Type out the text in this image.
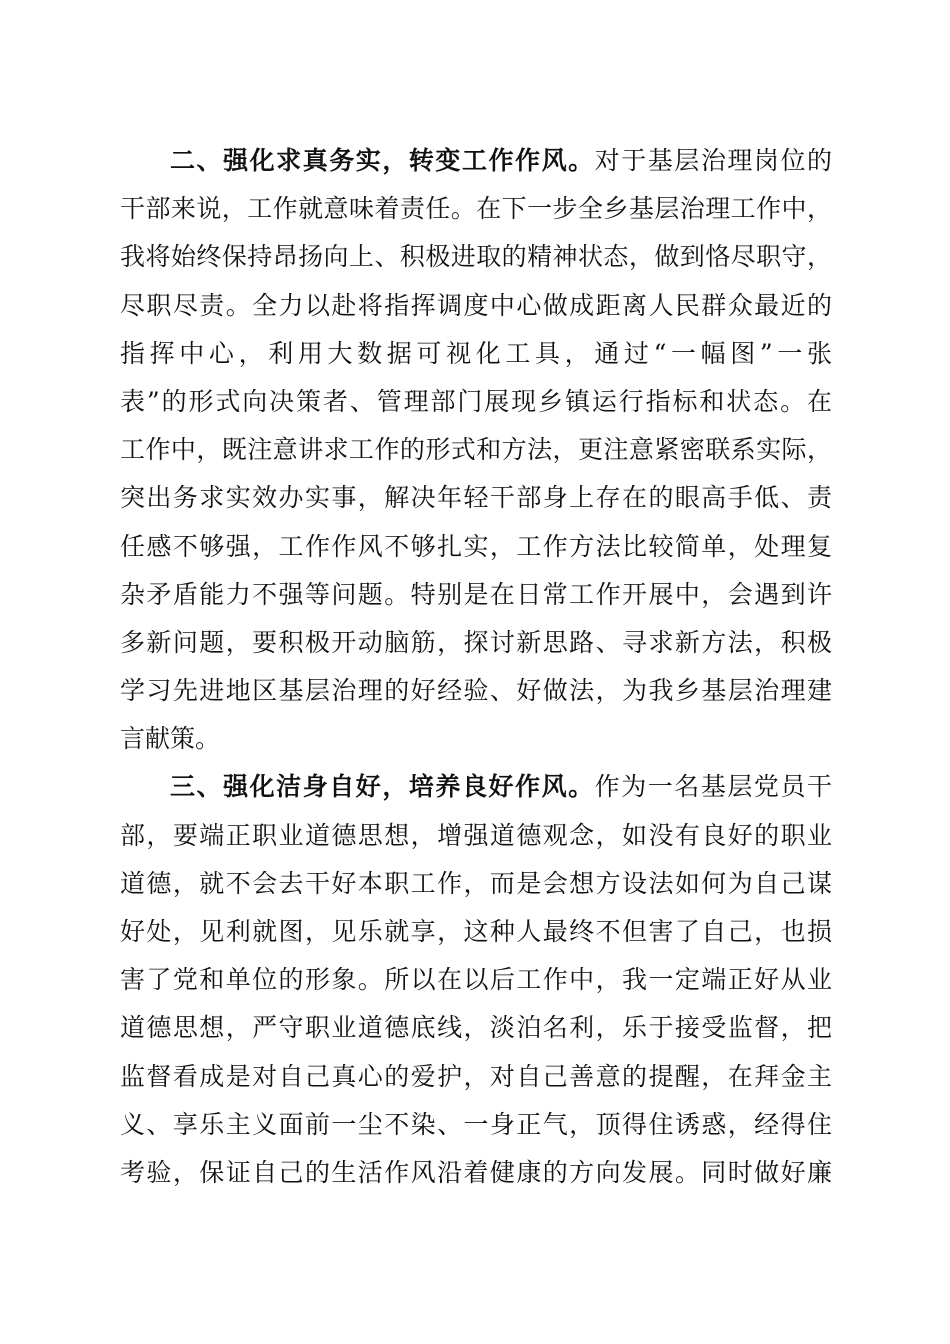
二、强化求真务实，转变工作作风。对于基层治理岗位的
干部来说，工作就意味着责任。在下一步全乡基层治理工作中，
我将始终保持昂扬向上、积极进取的精神状态，做到恪尽职守，
尽职尽责。全力以赴将指挥调度中心做成距离人民群众最近的
指挥中心，利用大数据可视化工具，通过“一幅图”一张
表”的形式向决策者、管理部门展现乡镇运行指标和状态。在
工作中，既注意讲求工作的形式和方法，更注意紧密联系实际，
突出务求实效办实事，解决年轻干部身上存在的眼高手低、责
任感不够强，工作作风不够扎实，工作方法比较简单，处理复
杂矛盾能力不强等问题。特别是在日常工作开展中，会遇到许
多新问题，要积极开动脑筋，探讨新思路、寻求新方法，积极
学习先进地区基层治理的好经验、好做法，为我乡基层治理建
言献策。
三、强化洁身自好，培养良好作风。作为一名基层党员干
部，要端正职业道德思想，增强道德观念，如没有良好的职业
道德，就不会去干好本职工作，而是会想方设法如何为自己谋
好处，见利就图，见乐就享，这种人最终不但害了自己，也损
害了党和单位的形象。所以在以后工作中，我一定端正好从业
道德思想，严守职业道德底线，淡泊名利，乐于接受监督，把
监督看成是对自己真心的爱护，对自己善意的提醒，在拜金主
义、享乐主义面前一尘不染、一身正气，顶得住诱惑，经得住
考验，保证自己的生活作风沿着健康的方向发展。同时做好廉
